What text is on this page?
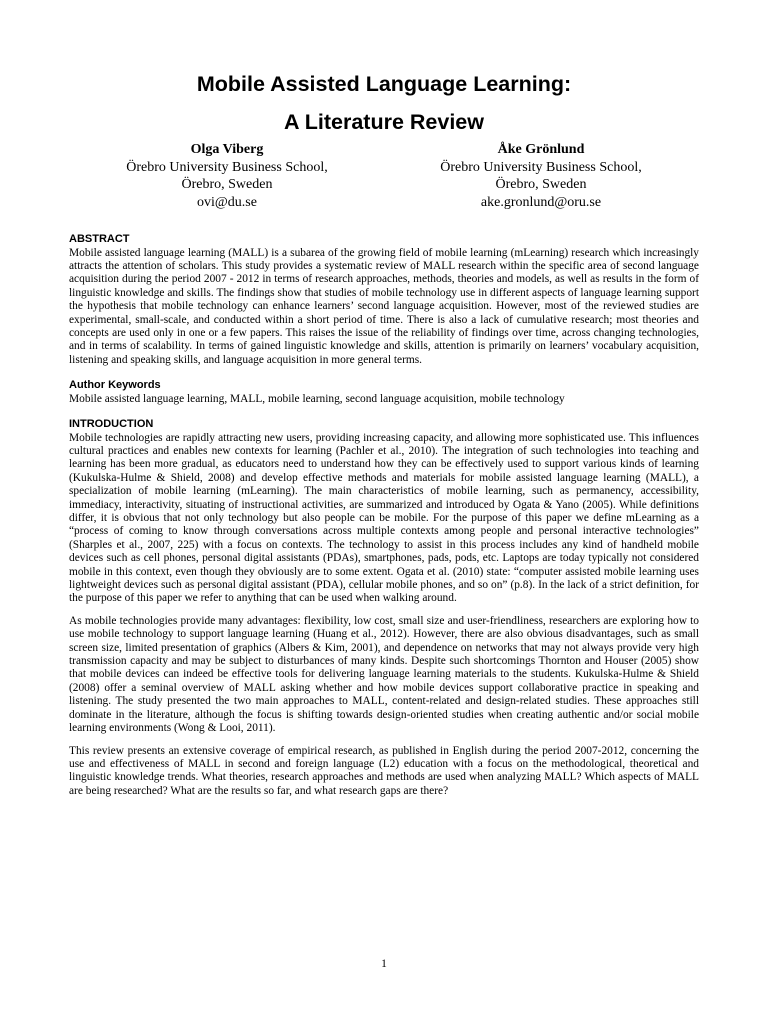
Mobile Assisted Language Learning:
A Literature Review
Olga Viberg
Örebro University Business School,
Örebro, Sweden
ovi@du.se
Åke Grönlund
Örebro University Business School,
Örebro, Sweden
ake.gronlund@oru.se
ABSTRACT

Mobile assisted language learning (MALL) is a subarea of the growing field of mobile learning (mLearning) research which increasingly attracts the attention of scholars. This study provides a systematic review of MALL research within the specific area of second language acquisition during the period 2007 - 2012 in terms of research approaches, methods, theories and models, as well as results in the form of linguistic knowledge and skills. The findings show that studies of mobile technology use in different aspects of language learning support the hypothesis that mobile technology can enhance learners’ second language acquisition. However, most of the reviewed studies are experimental, small-scale, and conducted within a short period of time. There is also a lack of cumulative research; most theories and concepts are used only in one or a few papers. This raises the issue of the reliability of findings over time, across changing technologies, and in terms of scalability. In terms of gained linguistic knowledge and skills, attention is primarily on learners’ vocabulary acquisition, listening and speaking skills, and language acquisition in more general terms.

Author Keywords

Mobile assisted language learning, MALL, mobile learning, second language acquisition, mobile technology

INTRODUCTION

Mobile technologies are rapidly attracting new users, providing increasing capacity, and allowing more sophisticated use. This influences cultural practices and enables new contexts for learning (Pachler et al., 2010). The integration of such technologies into teaching and learning has been more gradual, as educators need to understand how they can be effectively used to support various kinds of learning (Kukulska-Hulme & Shield, 2008) and develop effective methods and materials for mobile assisted language learning (MALL), a specialization of mobile learning (mLearning). The main characteristics of mobile learning, such as permanency, accessibility, immediacy, interactivity, situating of instructional activities, are summarized and introduced by Ogata & Yano (2005). While definitions differ, it is obvious that not only technology but also people can be mobile. For the purpose of this paper we define mLearning as a “process of coming to know through conversations across multiple contexts among people and personal interactive technologies” (Sharples et al., 2007, 225) with a focus on contexts. The technology to assist in this process includes any kind of handheld mobile devices such as cell phones, personal digital assistants (PDAs), smartphones, pads, pods, etc. Laptops are today typically not considered mobile in this context, even though they obviously are to some extent. Ogata et al. (2010) state: “computer assisted mobile learning uses lightweight devices such as personal digital assistant (PDA), cellular mobile phones, and so on” (p.8). In the lack of a strict definition, for the purpose of this paper we refer to anything that can be used when walking around.

As mobile technologies provide many advantages: flexibility, low cost, small size and user-friendliness, researchers are exploring how to use mobile technology to support language learning (Huang et al., 2012). However, there are also obvious disadvantages, such as small screen size, limited presentation of graphics (Albers & Kim, 2001), and dependence on networks that may not always provide very high transmission capacity and may be subject to disturbances of many kinds. Despite such shortcomings Thornton and Houser (2005) show that mobile devices can indeed be effective tools for delivering language learning materials to the students. Kukulska-Hulme & Shield (2008) offer a seminal overview of MALL asking whether and how mobile devices support collaborative practice in speaking and listening. The study presented the two main approaches to MALL, content-related and design-related studies. These approaches still dominate in the literature, although the focus is shifting towards design-oriented studies when creating authentic and/or social mobile learning environments (Wong & Looi, 2011).

This review presents an extensive coverage of empirical research, as published in English during the period 2007-2012, concerning the use and effectiveness of MALL in second and foreign language (L2) education with a focus on the methodological, theoretical and linguistic knowledge trends. What theories, research approaches and methods are used when analyzing MALL? Which aspects of MALL are being researched? What are the results so far, and what research gaps are there?

1
